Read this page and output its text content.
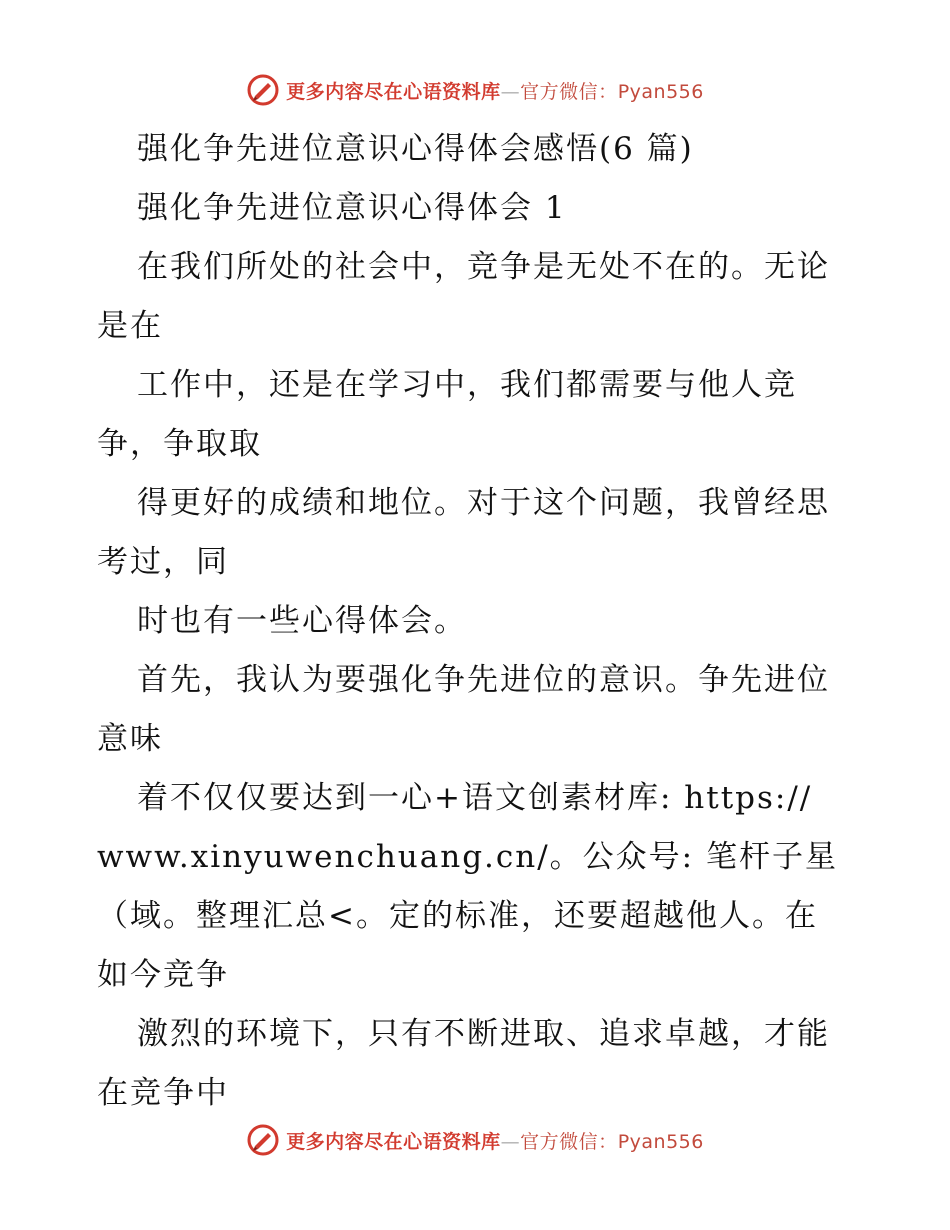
更多内容尽在心语资料库—官方微信：Pyan556
强化争先进位意识心得体会感悟(6 篇)
强化争先进位意识心得体会 1
在我们所处的社会中，竞争是无处不在的。无论
是在
工作中，还是在学习中，我们都需要与他人竞
争，争取取
得更好的成绩和地位。对于这个问题，我曾经思
考过，同
时也有一些心得体会。
首先，我认为要强化争先进位的意识。争先进位
意味
着不仅仅要达到一心+语文创素材库: https://
www.xinyuwenchuang.cn/。公众号: 笔杆子星
（域。整理汇总<。定的标准，还要超越他人。在
如今竞争
激烈的环境下，只有不断进取、追求卓越，才能
在竞争中
更多内容尽在心语资料库—官方微信：Pyan556
